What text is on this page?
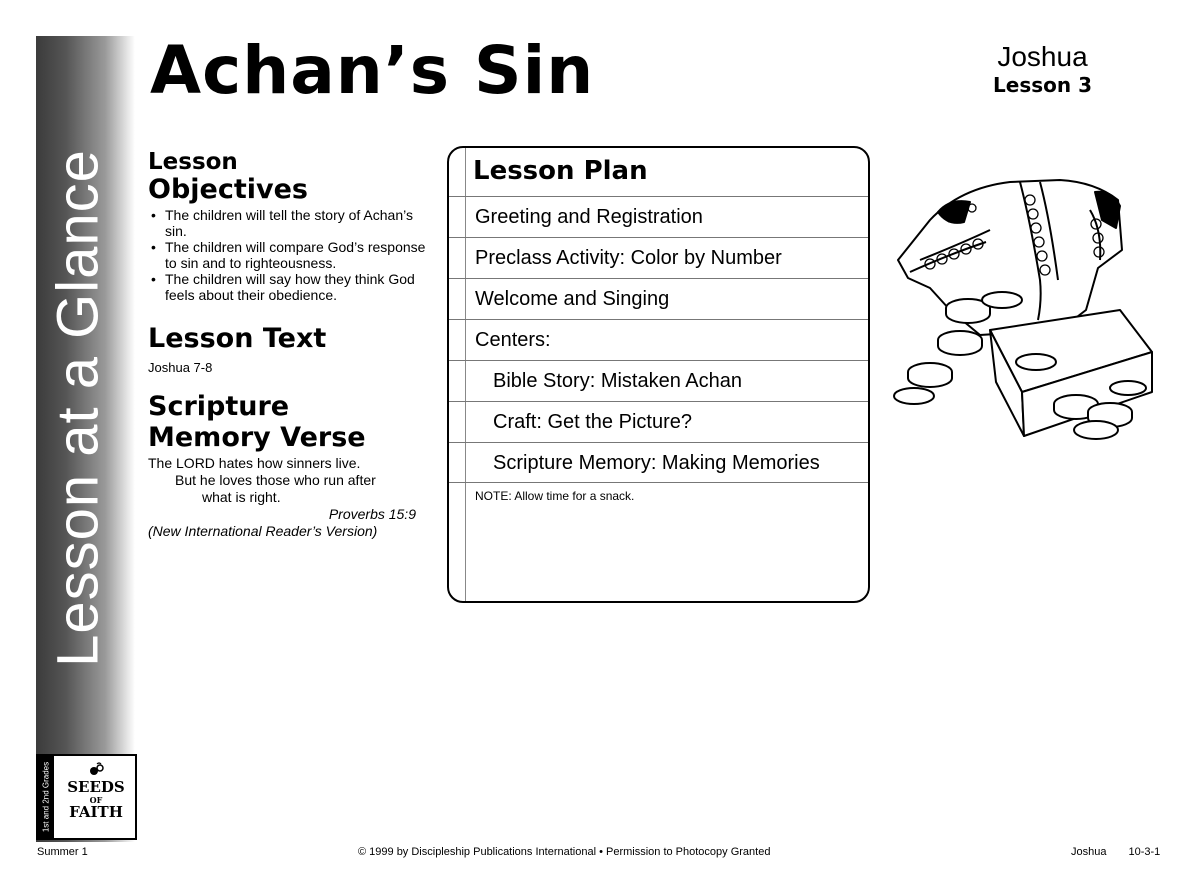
Lesson at a Glance
1st and 2nd Grades	SEEDS
OF
FAITH
Achan’s Sin	Joshua
Lesson 3
Lesson
Objectives
• The children will tell the story of Achan’s sin.
• The children will compare God’s response to sin and to righteousness.
• The children will say how they think God feels about their obedience.
Lesson Text

Joshua 7-8

Scripture
Memory Verse

The LORD hates how sinners live.
But he loves those who run after
what is right.
Proverbs 15:9
(New International Reader’s Version)

Lesson Plan
Greeting and Registration
Preclass Activity: Color by Number
Welcome and Singing
Centers:
Bible Story: Mistaken Achan
Craft: Get the Picture?
Scripture Memory: Making Memories

NOTE: Allow time for a snack.

Summer 1	© 1999 by Discipleship Publications International • Permission to Photocopy Granted	Joshua 10-3-1
